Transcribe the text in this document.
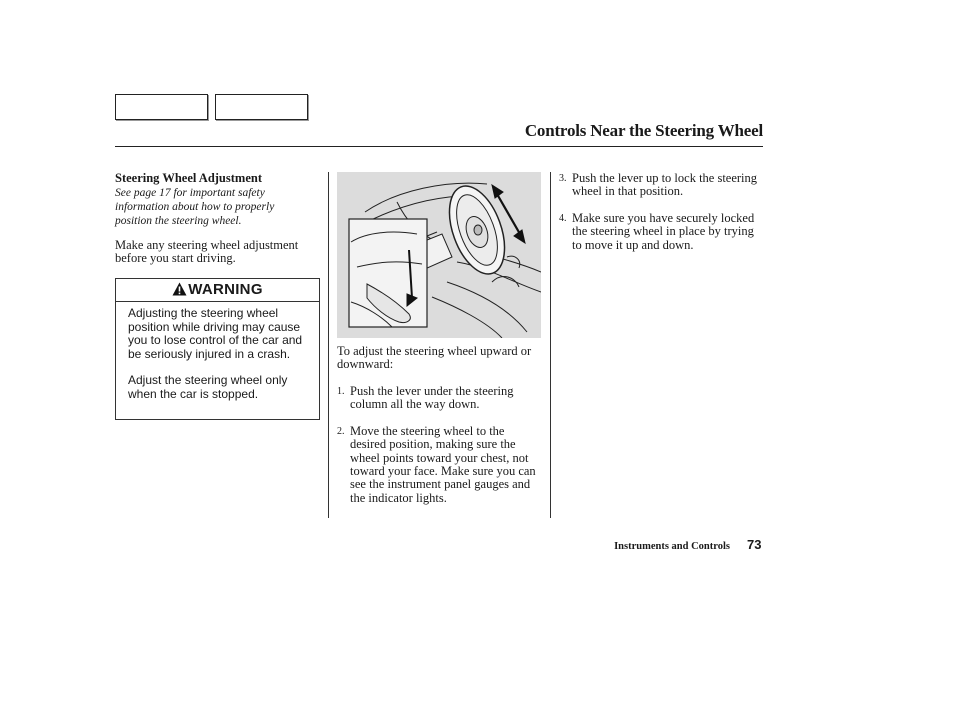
Controls Near the Steering Wheel
Steering Wheel Adjustment
See page 17 for important safety information about how to properly position the steering wheel.
Make any steering wheel adjustment before you start driving.
WARNING
Adjusting the steering wheel position while driving may cause you to lose control of the car and be seriously injured in a crash.
Adjust the steering wheel only when the car is stopped.
To adjust the steering wheel upward or downward:
1. Push the lever under the steering column all the way down.
2. Move the steering wheel to the desired position, making sure the wheel points toward your chest, not toward your face. Make sure you can see the instrument panel gauges and the indicator lights.
3. Push the lever up to lock the steering wheel in that position.
4. Make sure you have securely locked the steering wheel in place by trying to move it up and down.
Instruments and Controls 73
